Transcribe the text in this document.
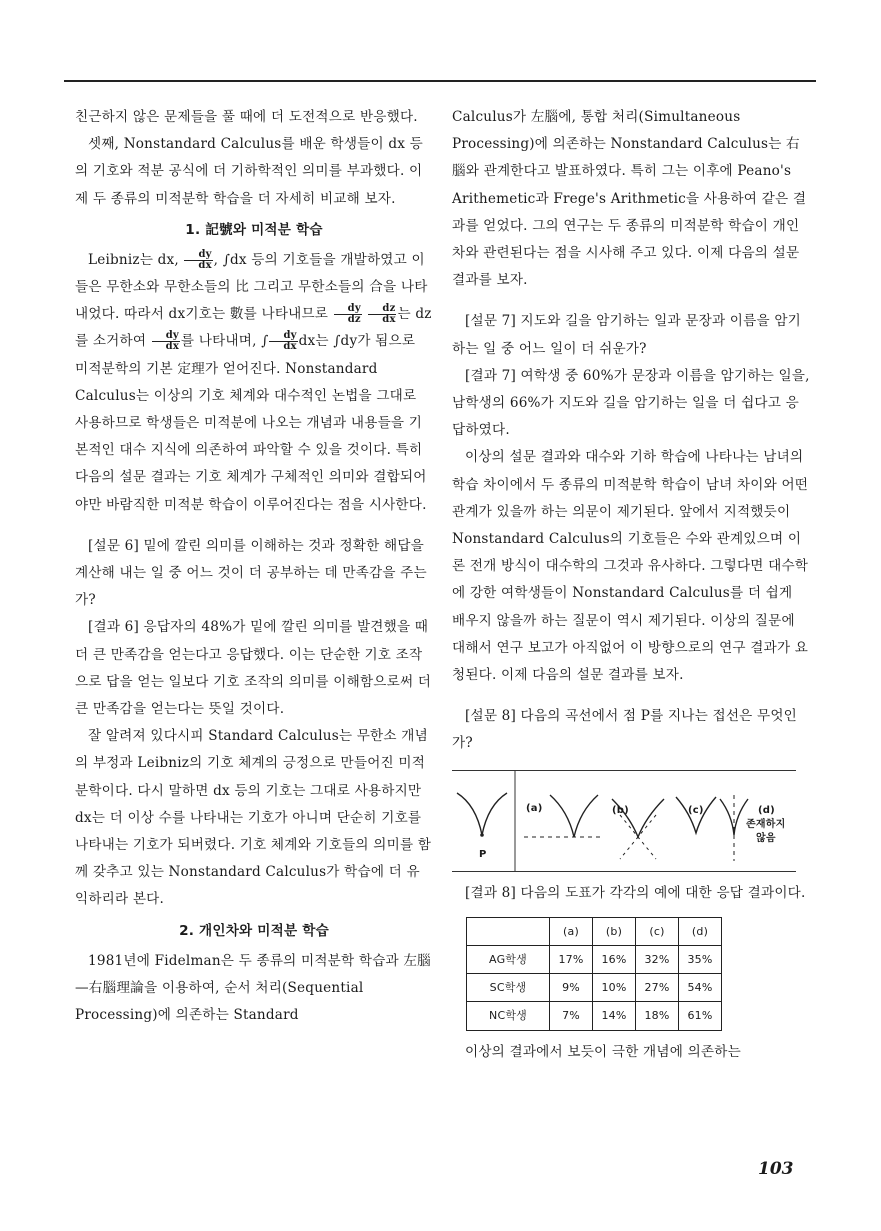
친근하지 않은 문제들을 풀 때에 더 도전적으로 반응했다.

셋째, Nonstandard Calculus를 배운 학생들이 dx 등의 기호와 적분 공식에 더 기하학적인 의미를 부과했다. 이제 두 종류의 미적분학 학습을 더 자세히 비교해 보자.

1. 記號와 미적분 학습

Leibniz는 dx, $\frac{dy}{dx}$ , ∫dx 등의 기호들을 개발하였고 이들은 무한소와 무한소들의 比 그리고 무한소들의 合을 나타내었다. 따라서 dx기호는 數를 나타내므로 $\frac{dy}{dz}$
$\frac{dz}{dx}$ 는 dz를 소거하여 $\frac{dy}{dx}$ 를 나타내며, ∫ $\frac{dy}{dx}$ dx는 ∫dy가 됨으로 미적분학의 기본 定理가 얻어진다. Nonstandard Calculus는 이상의 기호 체계와 대수적인 논법을 그대로 사용하므로 학생들은 미적분에 나오는 개념과 내용들을 기본적인 대수 지식에 의존하여 파악할 수 있을 것이다. 특히 다음의 설문 결과는 기호 체계가 구체적인 의미와 결합되어야만 바람직한 미적분 학습이 이루어진다는 점을 시사한다.

[설문 6] 밑에 깔린 의미를 이해하는 것과 정확한 해답을 계산해 내는 일 중 어느 것이 더 공부하는 데 만족감을 주는가?

[결과 6] 응답자의 48%가 밑에 깔린 의미를 발견했을 때 더 큰 만족감을 얻는다고 응답했다. 이는 단순한 기호 조작으로 답을 얻는 일보다 기호 조작의 의미를 이해함으로써 더 큰 만족감을 얻는다는 뜻일 것이다.

잘 알려져 있다시피 Standard Calculus는 무한소 개념의 부정과 Leibniz의 기호 체계의 긍정으로 만들어진 미적분학이다. 다시 말하면 dx 등의 기호는 그대로 사용하지만 dx는 더 이상 수를 나타내는 기호가 아니며 단순히 기호를 나타내는 기호가 되버렸다. 기호 체계와 기호들의 의미를 함께 갖추고 있는 Nonstandard Calculus가 학습에 더 유익하리라 본다.

2. 개인차와 미적분 학습

1981년에 Fidelman은 두 종류의 미적분학 학습과 左腦—右腦理論을 이용하여, 순서 처리(Sequential Processing)에 의존하는 Standard

Calculus가 左腦에, 통합 처리(Simultaneous Processing)에 의존하는 Nonstandard Calculus는 右腦와 관계한다고 발표하였다. 특히 그는 이후에 Peano's Arithemetic과 Frege's Arithmetic을 사용하여 같은 결과를 얻었다. 그의 연구는 두 종류의 미적분학 학습이 개인차와 관련된다는 점을 시사해 주고 있다. 이제 다음의 설문 결과를 보자.

[설문 7] 지도와 길을 암기하는 일과 문장과 이름을 암기하는 일 중 어느 일이 더 쉬운가?

[결과 7] 여학생 중 60%가 문장과 이름을 암기하는 일을, 남학생의 66%가 지도와 길을 암기하는 일을 더 쉽다고 응답하였다.

이상의 설문 결과와 대수와 기하 학습에 나타나는 남녀의 학습 차이에서 두 종류의 미적분학 학습이 남녀 차이와 어떤 관계가 있을까 하는 의문이 제기된다. 앞에서 지적했듯이 Nonstandard Calculus의 기호들은 수와 관계있으며 이론 전개 방식이 대수학의 그것과 유사하다. 그렇다면 대수학에 강한 여학생들이 Nonstandard Calculus를 더 쉽게 배우지 않을까 하는 질문이 역시 제기된다. 이상의 질문에 대해서 연구 보고가 아직없어 이 방향으로의 연구 결과가 요청된다. 이제 다음의 설문 결과를 보자.

[설문 8] 다음의 곡선에서 점 P를 지나는 접선은 무엇인가?

P
(a)	(b)	(c)	(d)
존재하지
않음

[결과 8] 다음의 도표가 각각의 예에 대한 응답 결과이다.

	(a)	(b)	(c)	(d)
AG학생	17%	16%	32%	35%
SC학생	9%	10%	27%	54%
NC학생	7%	14%	18%	61%

이상의 결과에서 보듯이 극한 개념에 의존하는

103
